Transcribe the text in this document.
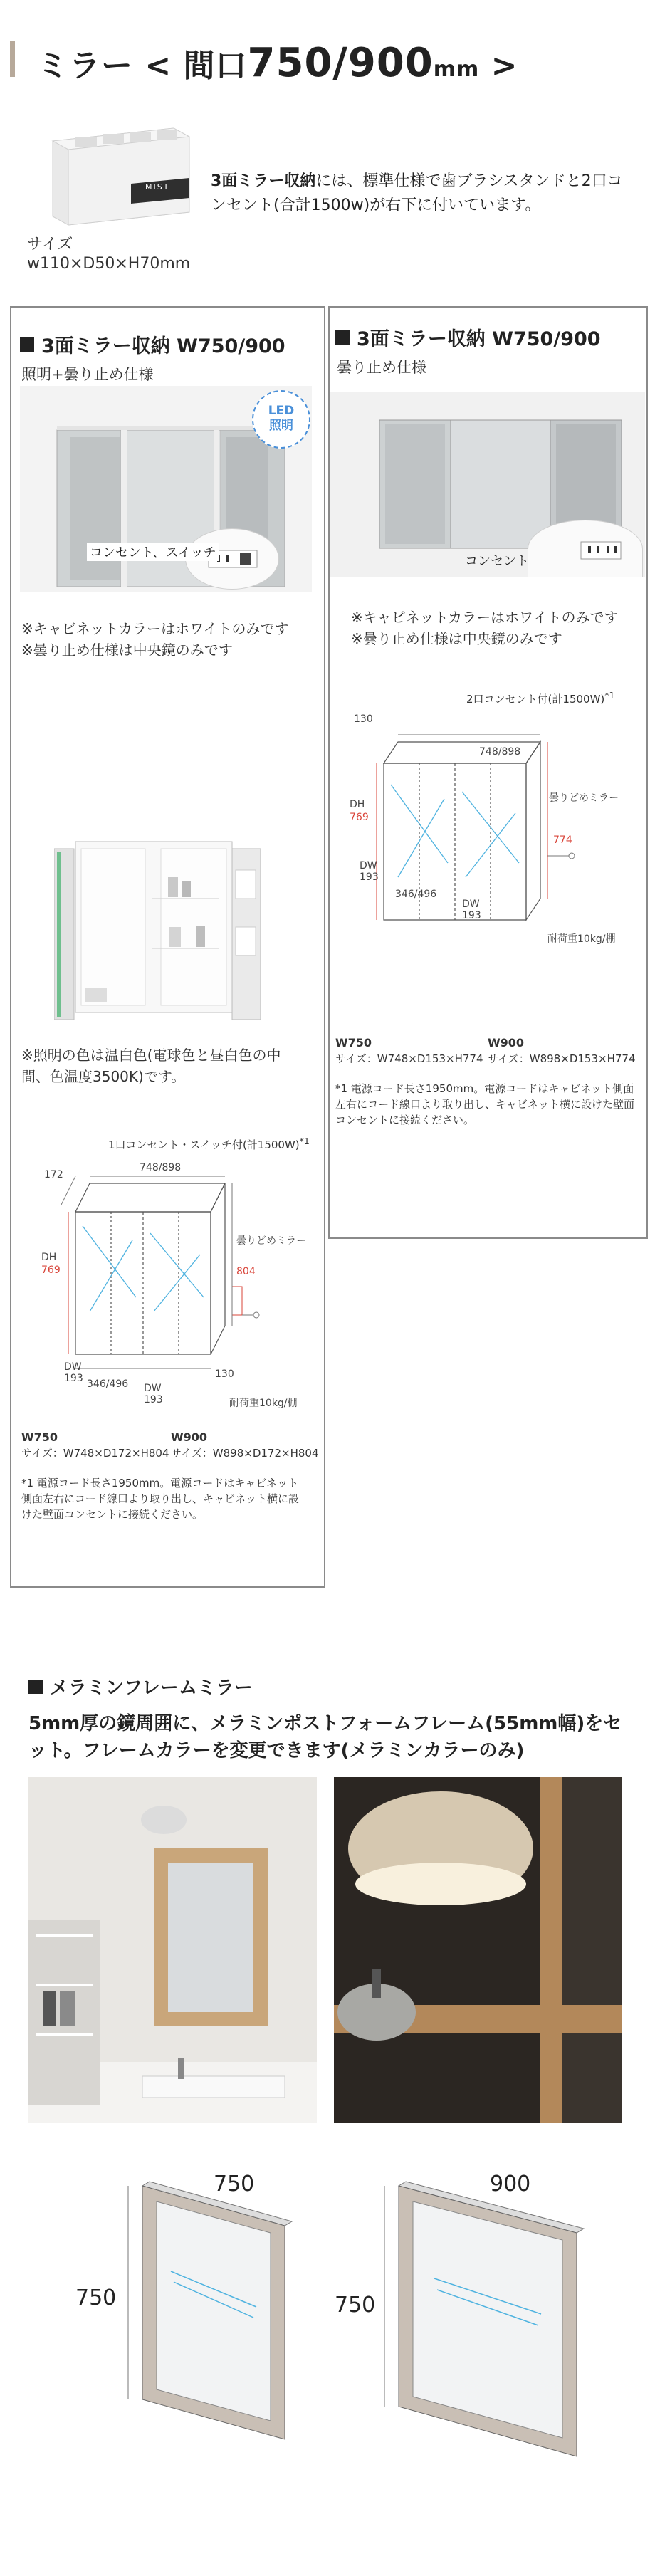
ミラー < 間口750/900mm >
MIST
サイズ
w110×D50×H70mm
3面ミラー収納には、標準仕様で歯ブラシスタンドと2口コンセント(合計1500w)が右下に付いています。
3面ミラー収納 W750/900
照明+曇り止め仕様
LED
照明
コンセント、スイッチ
※キャビネットカラーはホワイトのみです
※曇り止め仕様は中央鏡のみです
※照明の色は温白色(電球色と昼白色の中間、色温度3500K)です。
1口コンセント・スイッチ付(計1500W)$^{*1}$
172
748/898
DH
769
曇りどめミラー
804
DW
193 346/496 DW
193
130
耐荷重10kg/棚
W750
サイズ：W748×D172×H804
W900
サイズ：W898×D172×H804
*1 電源コード長さ1950mm。電源コードはキャビネット側面左右にコード線口より取り出し、キャビネット横に設けた壁面コンセントに接続ください。
3面ミラー収納 W750/900
曇り止め仕様
コンセント
※キャビネットカラーはホワイトのみです
※曇り止め仕様は中央鏡のみです
2口コンセント付(計1500W)$^{*1}$
130
748/898
DH
769
曇りどめミラー
774
DW
193
346/496
DW
193
耐荷重10kg/棚
W750
サイズ：W748×D153×H774
W900
サイズ：W898×D153×H774
*1 電源コード長さ1950mm。電源コードはキャビネット側面左右にコード線口より取り出し、キャビネット横に設けた壁面コンセントに接続ください。
メラミンフレームミラー
5mm厚の鏡周囲に、メラミンポストフォームフレーム(55mm幅)をセット。フレームカラーを変更できます(メラミンカラーのみ)
750
750
900
750
